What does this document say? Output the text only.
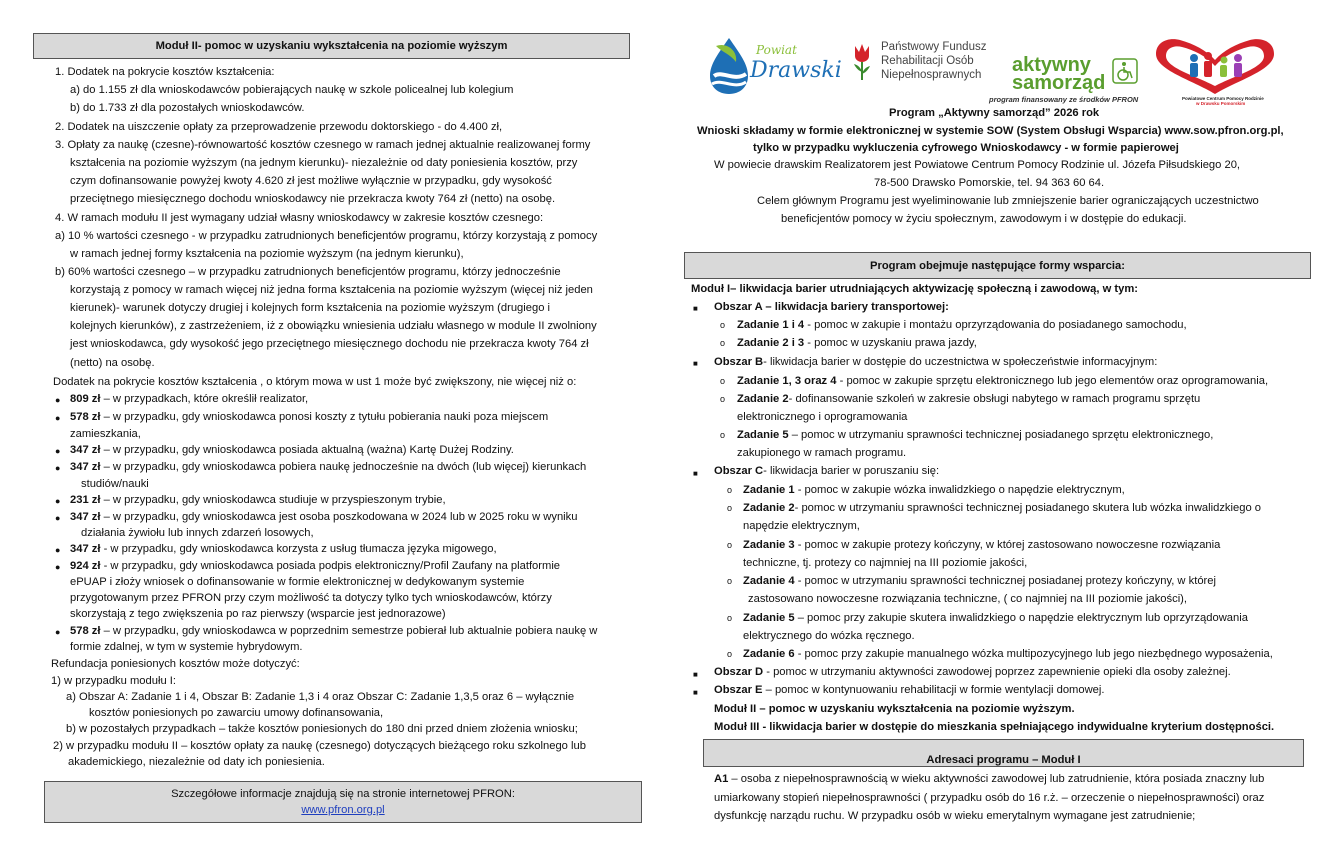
Moduł II- pomoc w uzyskaniu wykształcenia na poziomie wyższym
1. Dodatek na pokrycie kosztów kształcenia:
a) do 1.155 zł dla wnioskodawców pobierających naukę w szkole policealnej lub kolegium
b) do 1.733 zł dla pozostałych wnioskodawców.
2. Dodatek na uiszczenie opłaty za przeprowadzenie przewodu doktorskiego - do 4.400 zł,
3. Opłaty za naukę (czesne)-równowartość kosztów czesnego w ramach jednej aktualnie realizowanej formy
kształcenia na poziomie wyższym (na jednym kierunku)- niezależnie od daty poniesienia kosztów, przy
czym dofinansowanie powyżej kwoty 4.620 zł jest możliwe wyłącznie w przypadku, gdy wysokość
przeciętnego miesięcznego dochodu wnioskodawcy nie przekracza kwoty 764 zł (netto) na osobę.
4. W ramach modułu II jest wymagany udział własny wnioskodawcy w zakresie kosztów czesnego:
a) 10 % wartości czesnego - w przypadku zatrudnionych beneficjentów programu, którzy korzystają z pomocy
w ramach jednej formy kształcenia na poziomie wyższym (na jednym kierunku),
b) 60% wartości czesnego – w przypadku zatrudnionych beneficjentów programu, którzy jednocześnie
korzystają z pomocy w ramach więcej niż jedna forma kształcenia na poziomie wyższym (więcej niż jeden
kierunek)- warunek dotyczy drugiej i kolejnych form kształcenia na poziomie wyższym (drugiego i
kolejnych kierunków), z zastrzeżeniem, iż z obowiązku wniesienia udziału własnego w module II zwolniony
jest wnioskodawca, gdy wysokość jego przeciętnego miesięcznego dochodu nie przekracza kwoty 764 zł
(netto) na osobę.
Dodatek na pokrycie kosztów kształcenia , o którym mowa w ust 1 może być zwiększony, nie więcej niż o:
● 809 zł – w przypadkach, które określił realizator,
● 578 zł – w przypadku, gdy wnioskodawca ponosi koszty z tytułu pobierania nauki poza miejscem
zamieszkania,
● 347 zł – w przypadku, gdy wnioskodawca posiada aktualną (ważna) Kartę Dużej Rodziny.
● 347 zł – w przypadku, gdy wnioskodawca pobiera naukę jednocześnie na dwóch (lub więcej) kierunkach
studiów/nauki
● 231 zł – w przypadku, gdy wnioskodawca studiuje w przyspieszonym trybie,
● 347 zł – w przypadku, gdy wnioskodawca jest osoba poszkodowana w 2024 lub w 2025 roku w wyniku
działania żywiołu lub innych zdarzeń losowych,
● 347 zł - w przypadku, gdy wnioskodawca korzysta z usług tłumacza języka migowego,
● 924 zł - w przypadku, gdy wnioskodawca posiada podpis elektroniczny/Profil Zaufany na platformie
ePUAP i złoży wniosek o dofinansowanie w formie elektronicznej w dedykowanym systemie
przygotowanym przez PFRON przy czym możliwość ta dotyczy tylko tych wnioskodawców, którzy
skorzystają z tego zwiększenia po raz pierwszy (wsparcie jest jednorazowe)
● 578 zł – w przypadku, gdy wnioskodawca w poprzednim semestrze pobierał lub aktualnie pobiera naukę w
formie zdalnej, w tym w systemie hybrydowym.
Refundacja poniesionych kosztów może dotyczyć:
1) w przypadku modułu I:
a) Obszar A: Zadanie 1 i 4, Obszar B: Zadanie 1,3 i 4 oraz Obszar C: Zadanie 1,3,5 oraz 6 – wyłącznie
kosztów poniesionych po zawarciu umowy dofinansowania,
b) w pozostałych przypadkach – także kosztów poniesionych do 180 dni przed dniem złożenia wniosku;
2) w przypadku modułu II – kosztów opłaty za naukę (czesnego) dotyczących bieżącego roku szkolnego lub
akademickiego, niezależnie od daty ich poniesienia.
Szczegółowe informacje znajdują się na stronie internetowej PFRON:
www.pfron.org.pl
Powiat
Drawski
Państwowy Fundusz
Rehabilitacji Osób
Niepełnosprawnych aktywny
samorząd
program finansowany ze środków PFRON	Powiatowe Centrum Pomocy Rodzinie
w Drawsku Pomorskim
Program „Aktywny samorząd” 2026 rok
Wnioski składamy w formie elektronicznej w systemie SOW (System Obsługi Wsparcia) www.sow.pfron.org.pl,
tylko w przypadku wykluczenia cyfrowego Wnioskodawcy - w formie papierowej
W powiecie drawskim Realizatorem jest Powiatowe Centrum Pomocy Rodzinie ul. Józefa Piłsudskiego 20,
78-500 Drawsko Pomorskie, tel. 94 363 60 64.
Celem głównym Programu jest wyeliminowanie lub zmniejszenie barier ograniczających uczestnictwo
beneficjentów pomocy w życiu społecznym, zawodowym i w dostępie do edukacji.
Program obejmuje następujące formy wsparcia:
Moduł I– likwidacja barier utrudniających aktywizację społeczną i zawodową, w tym:
■ Obszar A – likwidacja bariery transportowej:
o Zadanie 1 i 4 - pomoc w zakupie i montażu oprzyrządowania do posiadanego samochodu,
o Zadanie 2 i 3 - pomoc w uzyskaniu prawa jazdy,
■ Obszar B- likwidacja barier w dostępie do uczestnictwa w społeczeństwie informacyjnym:
o Zadanie 1, 3 oraz 4 - pomoc w zakupie sprzętu elektronicznego lub jego elementów oraz oprogramowania,
o Zadanie 2- dofinansowanie szkoleń w zakresie obsługi nabytego w ramach programu sprzętu
elektronicznego i oprogramowania
o Zadanie 5 – pomoc w utrzymaniu sprawności technicznej posiadanego sprzętu elektronicznego,
zakupionego w ramach programu.
■ Obszar C- likwidacja barier w poruszaniu się:
o Zadanie 1 - pomoc w zakupie wózka inwalidzkiego o napędzie elektrycznym,
o Zadanie 2- pomoc w utrzymaniu sprawności technicznej posiadanego skutera lub wózka inwalidzkiego o
napędzie elektrycznym,
o Zadanie 3 - pomoc w zakupie protezy kończyny, w której zastosowano nowoczesne rozwiązania
techniczne, tj. protezy co najmniej na III poziomie jakości,
o Zadanie 4 - pomoc w utrzymaniu sprawności technicznej posiadanej protezy kończyny, w której
zastosowano nowoczesne rozwiązania techniczne, ( co najmniej na III poziomie jakości),
o Zadanie 5 – pomoc przy zakupie skutera inwalidzkiego o napędzie elektrycznym lub oprzyrządowania
elektrycznego do wózka ręcznego.
o Zadanie 6 - pomoc przy zakupie manualnego wózka multipozycyjnego lub jego niezbędnego wyposażenia,
■ Obszar D - pomoc w utrzymaniu aktywności zawodowej poprzez zapewnienie opieki dla osoby zależnej.
■ Obszar E – pomoc w kontynuowaniu rehabilitacji w formie wentylacji domowej.
Moduł II – pomoc w uzyskaniu wykształcenia na poziomie wyższym.
Moduł III - likwidacja barier w dostępie do mieszkania spełniającego indywidualne kryterium dostępności.
Adresaci programu – Moduł I
A1 – osoba z niepełnosprawnością w wieku aktywności zawodowej lub zatrudnienie, która posiada znaczny lub
umiarkowany stopień niepełnosprawności ( przypadku osób do 16 r.ż. – orzeczenie o niepełnosprawności) oraz
dysfunkcję narządu ruchu. W przypadku osób w wieku emerytalnym wymagane jest zatrudnienie;
